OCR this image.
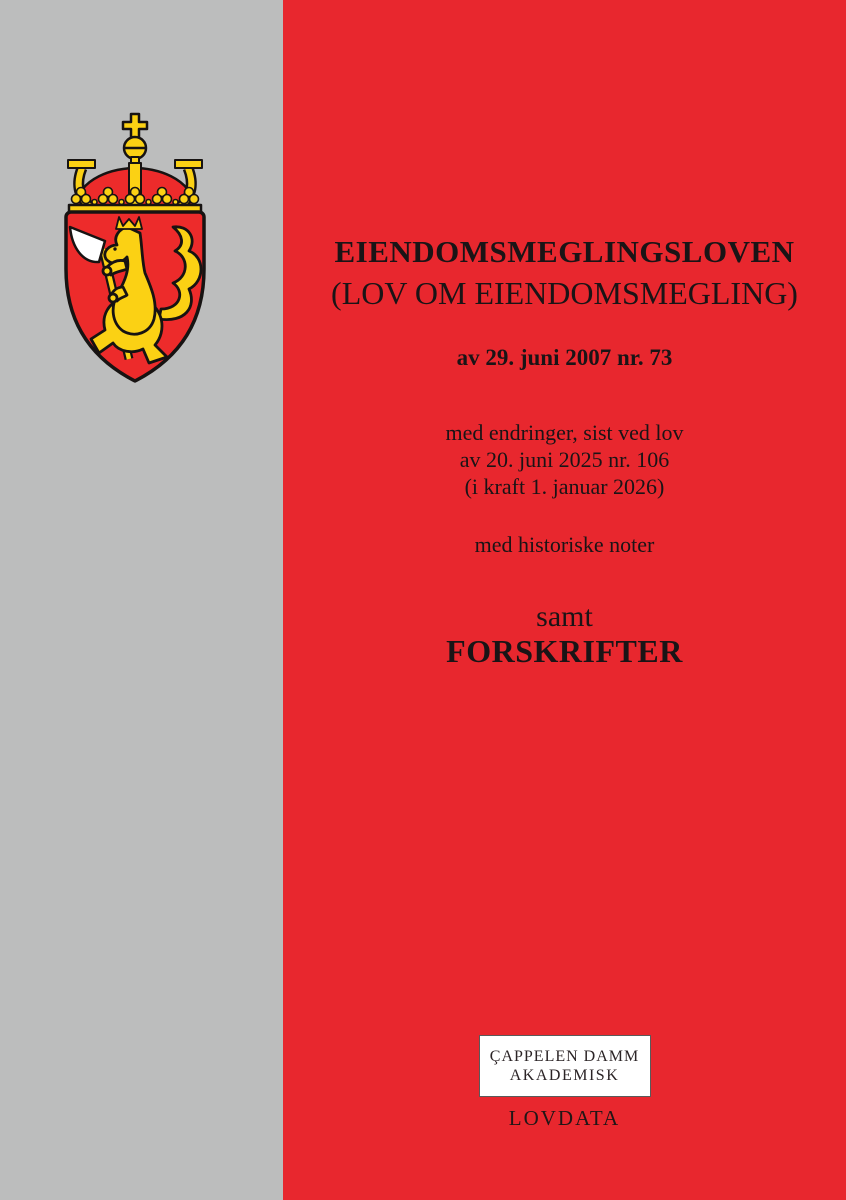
EIENDOMSMEGLINGSLOVEN
(LOV OM EIENDOMSMEGLING)
av 29. juni 2007 nr. 73
med endringer, sist ved lov
av 20. juni 2025 nr. 106
(i kraft 1. januar 2026)
med historiske noter
samt
FORSKRIFTER
ÇAPPELEN DAMM
AKADEMISK
LOVDATA
